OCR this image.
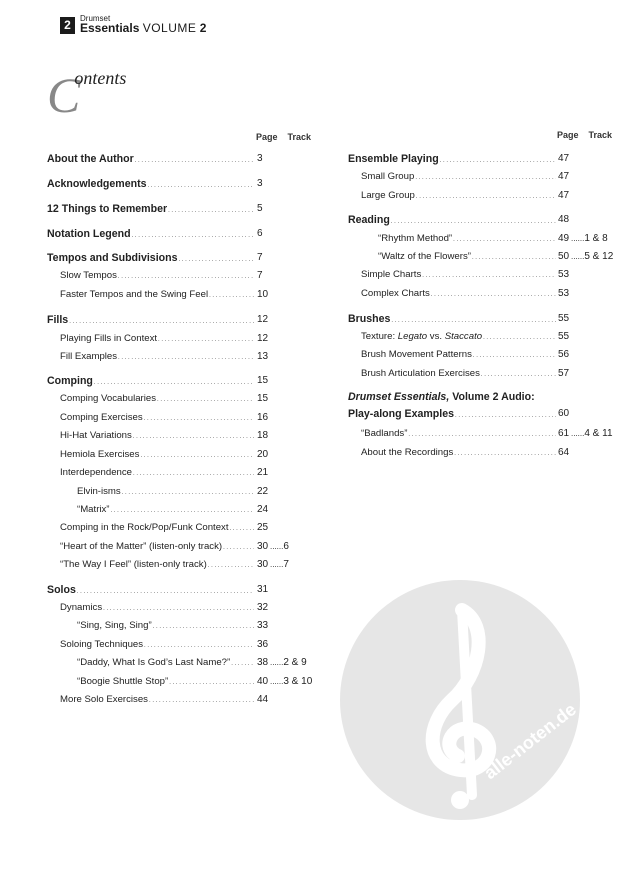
2	Drumset
Essentials VOLUME 2
Contents
Page Track	Page Track
About the Author . . .	3
Acknowledgements . . .	3
12 Things to Remember . . .	5
Notation Legend . . .	6
Tempos and Subdivisions . . .	7
Slow Tempos . . .	7
Faster Tempos and the Swing Feel . . .	10
Fills . . .	12
Playing Fills in Context . . .	12
Fill Examples . . .	13
Comping . . .	15
Comping Vocabularies . . .	15
Comping Exercises . . .	16
Hi-Hat Variations . . .	18
Hemiola Exercises . . .	20
Interdependence . . .	21
Elvin-isms . . .	22
“Matrix” . . .	24
Comping in the Rock/Pop/Funk Context . . .	25
“Heart of the Matter” (listen-only track) . . .	30	...... 6
“The Way I Feel” (listen-only track) . . .	30	...... 7
Solos . . .	31
Dynamics . . .	32
“Sing, Sing, Sing” . . .	33
Soloing Techniques . . .	36
“Daddy, What Is God’s Last Name?” . . .	38	...... 2 & 9
“Boogie Shuttle Stop” . . .	40	...... 3 & 10
More Solo Exercises . . .	44	alle-noten.de
Ensemble Playing . . .	47
Small Group . . .	47
Large Group . . .	47
Reading . . .	48
“Rhythm Method” . . .	49	...... 1 & 8
“Waltz of the Flowers” . . .	50	...... 5 & 12
Simple Charts . . .	53
Complex Charts . . .	53
Brushes . . .	55
Texture: Legato vs. Staccato . . .	55
Brush Movement Patterns . . .	56
Brush Articulation Exercises . . .	57
Drumset Essentials, Volume 2 Audio:
Play-along Examples . . .	60
“Badlands” . . .	61	...... 4 & 11
About the Recordings . . .	64
